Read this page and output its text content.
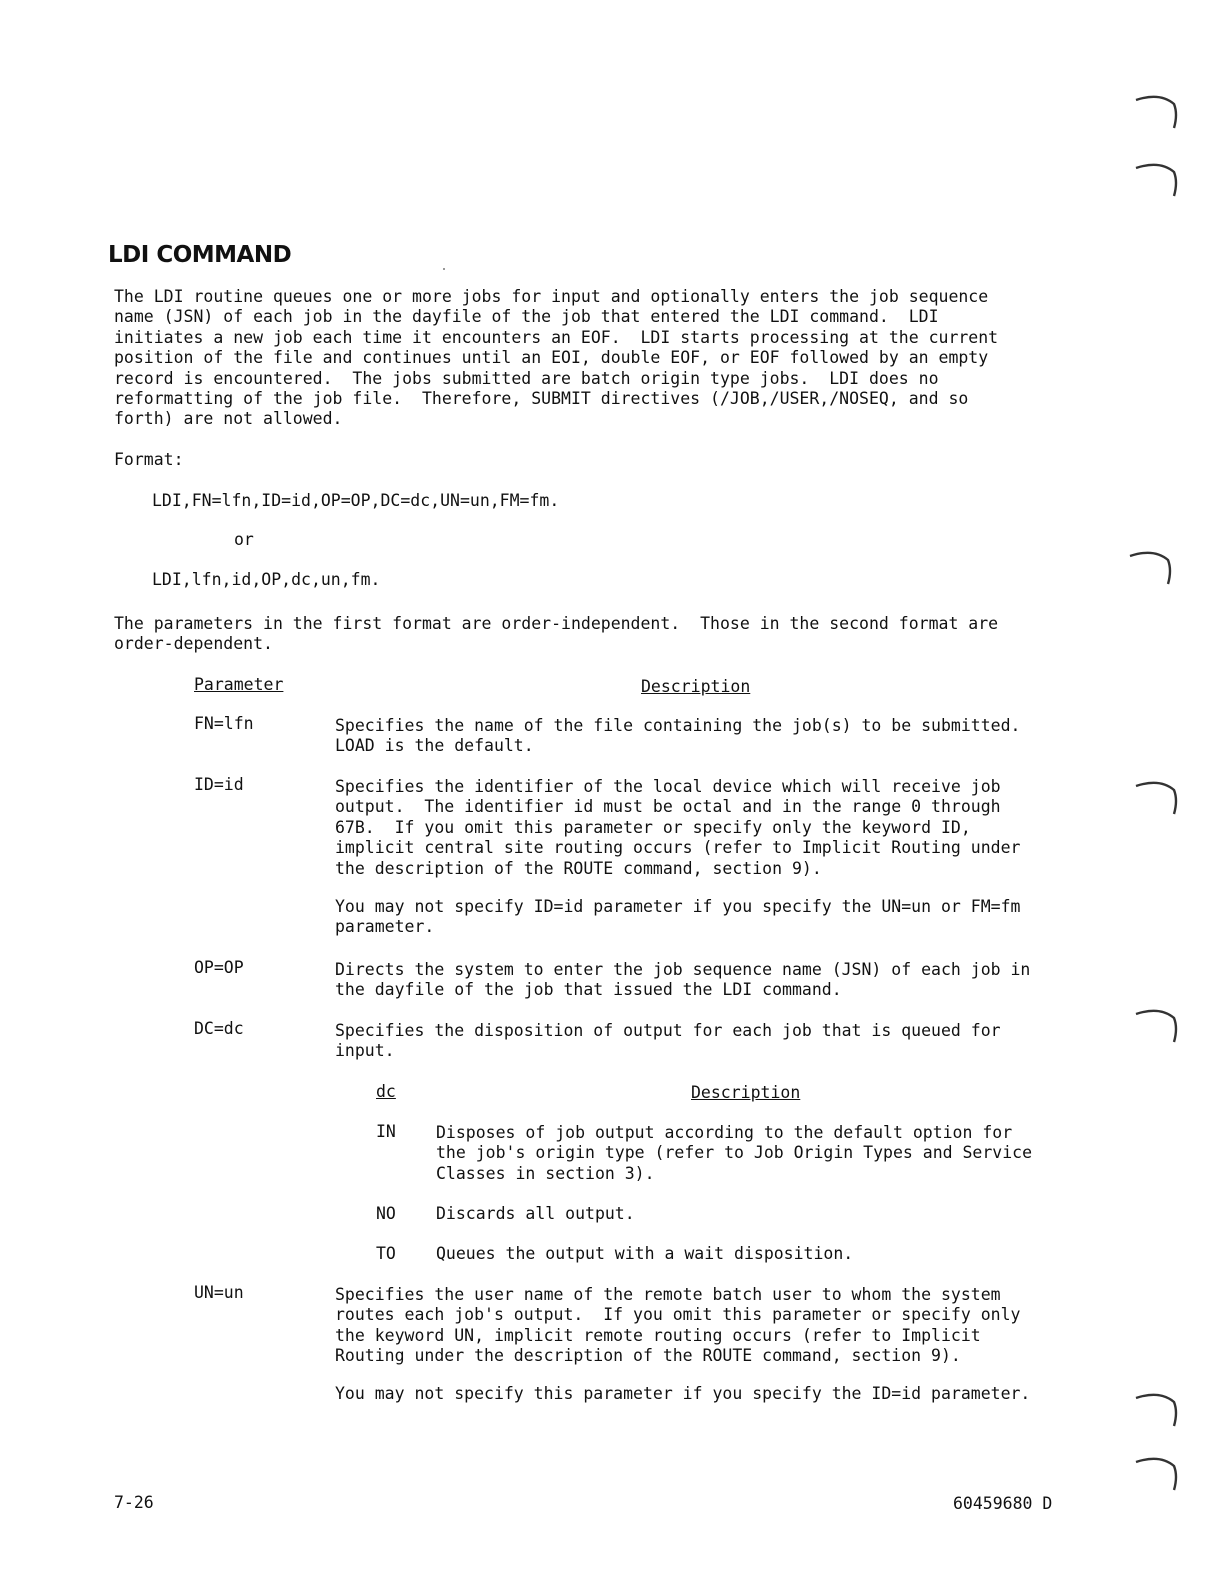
LDI COMMAND
The LDI routine queues one or more jobs for input and optionally enters the job sequence
name (JSN) of each job in the dayfile of the job that entered the LDI command.  LDI
initiates a new job each time it encounters an EOF.  LDI starts processing at the current
position of the file and continues until an EOI, double EOF, or EOF followed by an empty
record is encountered.  The jobs submitted are batch origin type jobs.  LDI does no
reformatting of the job file.  Therefore, SUBMIT directives (/JOB,/USER,/NOSEQ, and so
forth) are not allowed.
Format:
LDI,FN=lfn,ID=id,OP=OP,DC=dc,UN=un,FM=fm.
or
LDI,lfn,id,OP,dc,un,fm.
The parameters in the first format are order-independent.  Those in the second format are
order-dependent.
Parameter	Description
FN=lfn	Specifies the name of the file containing the job(s) to be submitted.
LOAD is the default.
ID=id	Specifies the identifier of the local device which will receive job
output.  The identifier id must be octal and in the range 0 through
67B.  If you omit this parameter or specify only the keyword ID,
implicit central site routing occurs (refer to Implicit Routing under
the description of the ROUTE command, section 9).
You may not specify ID=id parameter if you specify the UN=un or FM=fm
parameter.
OP=OP	Directs the system to enter the job sequence name (JSN) of each job in
the dayfile of the job that issued the LDI command.
DC=dc	Specifies the disposition of output for each job that is queued for
input.
dc	Description
IN Disposes of job output according to the default option for
the job's origin type (refer to Job Origin Types and Service
Classes in section 3).
NO Discards all output.
TO Queues the output with a wait disposition.
UN=un	Specifies the user name of the remote batch user to whom the system
routes each job's output.  If you omit this parameter or specify only
the keyword UN, implicit remote routing occurs (refer to Implicit
Routing under the description of the ROUTE command, section 9).
You may not specify this parameter if you specify the ID=id parameter.
7-26	60459680 D
